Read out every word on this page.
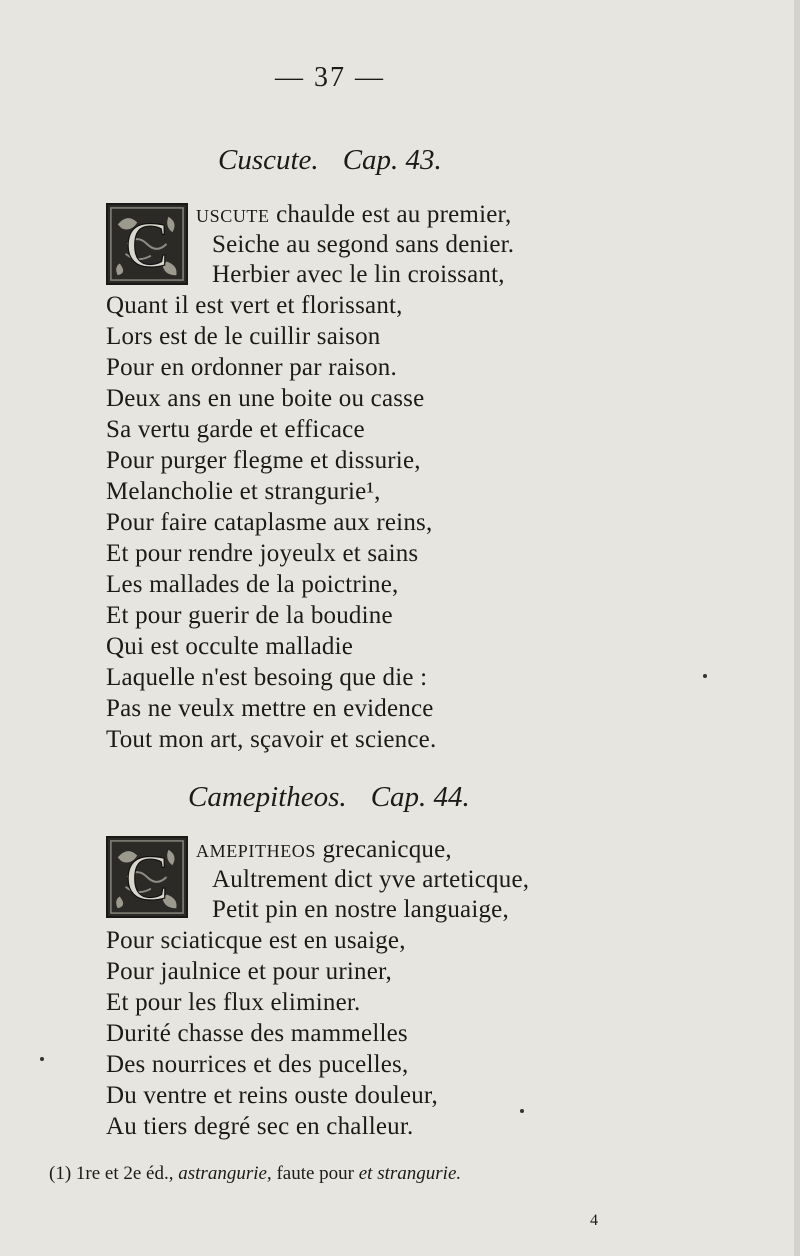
— 37 —
Cuscute. Cap. 43.
C USCUTE chaulde est au premier,
Seiche au segond sans denier.
Herbier avec le lin croissant,
Quant il est vert et florissant,
Lors est de le cuillir saison
Pour en ordonner par raison.
Deux ans en une boite ou casse
Sa vertu garde et efficace
Pour purger flegme et dissurie,
Melancholie et strangurie¹,
Pour faire cataplasme aux reins,
Et pour rendre joyeulx et sains
Les mallades de la poictrine,
Et pour guerir de la boudine
Qui est occulte malladie
Laquelle n'est besoing que die :
Pas ne veulx mettre en evidence
Tout mon art, sçavoir et science.
Camepitheos. Cap. 44.
C AMEPITHEOS grecanicque,
Aultrement dict yve arteticque,
Petit pin en nostre languaige,
Pour sciaticque est en usaige,
Pour jaulnice et pour uriner,
Et pour les flux eliminer.
Durité chasse des mammelles
Des nourrices et des pucelles,
Du ventre et reins ouste douleur,
Au tiers degré sec en challeur.
(1) 1re et 2e éd., astrangurie, faute pour et strangurie.
4
